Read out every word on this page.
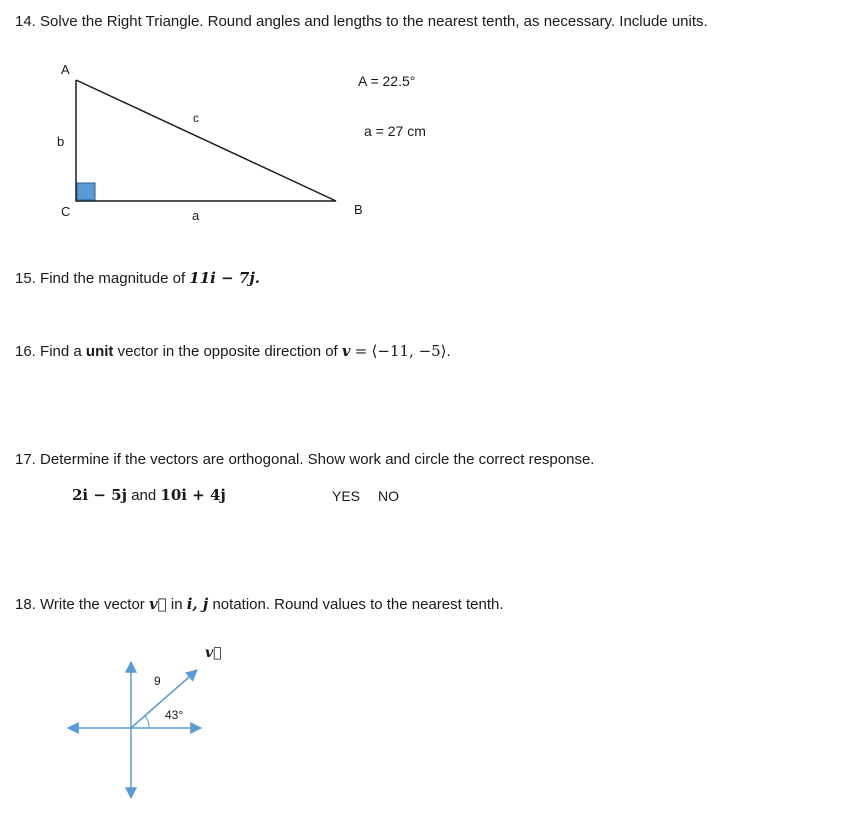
14. Solve the Right Triangle. Round angles and lengths to the nearest tenth, as necessary. Include units.
A
b
C
c
a	B
A = 22.5°
a = 27 cm
15. Find the magnitude of 11i − 7j.
16. Find a unit vector in the opposite direction of v = ⟨−11, −5⟩.
17. Determine if the vectors are orthogonal. Show work and circle the correct response.
2i − 5j and 10i + 4j	YES NO
18. Write the vector v⃗ in i, j notation. Round values to the nearest tenth.
9
43°
v⃗
